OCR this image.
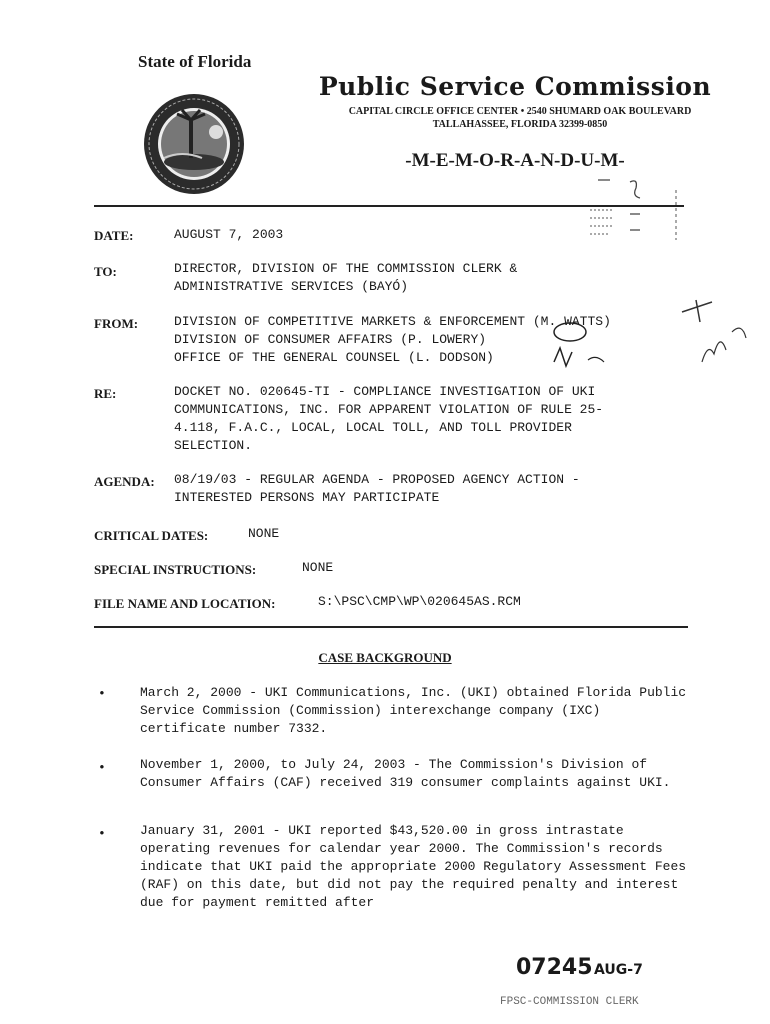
State of Florida
Public Service Commission
CAPITAL CIRCLE OFFICE CENTER • 2540 SHUMARD OAK BOULEVARD
TALLAHASSEE, FLORIDA 32399-0850
-M-E-M-O-R-A-N-D-U-M-
DATE:	AUGUST 7, 2003
TO:	DIRECTOR, DIVISION OF THE COMMISSION CLERK &
ADMINISTRATIVE SERVICES (BAYÓ)
FROM:	DIVISION OF COMPETITIVE MARKETS & ENFORCEMENT (M. WATTS)
DIVISION OF CONSUMER AFFAIRS (P. LOWERY)
OFFICE OF THE GENERAL COUNSEL (L. DODSON)
RE:	DOCKET NO. 020645-TI - COMPLIANCE INVESTIGATION OF UKI
COMMUNICATIONS, INC. FOR APPARENT VIOLATION OF RULE 25-
4.118, F.A.C., LOCAL, LOCAL TOLL, AND TOLL PROVIDER
SELECTION.
AGENDA: 08/19/03 - REGULAR AGENDA - PROPOSED AGENCY ACTION -
INTERESTED PERSONS MAY PARTICIPATE
CRITICAL DATES:	NONE
SPECIAL INSTRUCTIONS:	NONE
FILE NAME AND LOCATION:	S:\PSC\CMP\WP\020645AS.RCM
CASE BACKGROUND
•	March 2, 2000 - UKI Communications, Inc. (UKI) obtained Florida Public Service Commission (Commission) interexchange company (IXC) certificate number 7332.
•	November 1, 2000, to July 24, 2003 - The Commission's Division of Consumer Affairs (CAF) received 319 consumer complaints against UKI.
•	January 31, 2001 - UKI reported $43,520.00 in gross intrastate operating revenues for calendar year 2000. The Commission's records indicate that UKI paid the appropriate 2000 Regulatory Assessment Fees (RAF) on this date, but did not pay the required penalty and interest due for payment remitted after
07245 AUG-7
FPSC-COMMISSION CLERK
